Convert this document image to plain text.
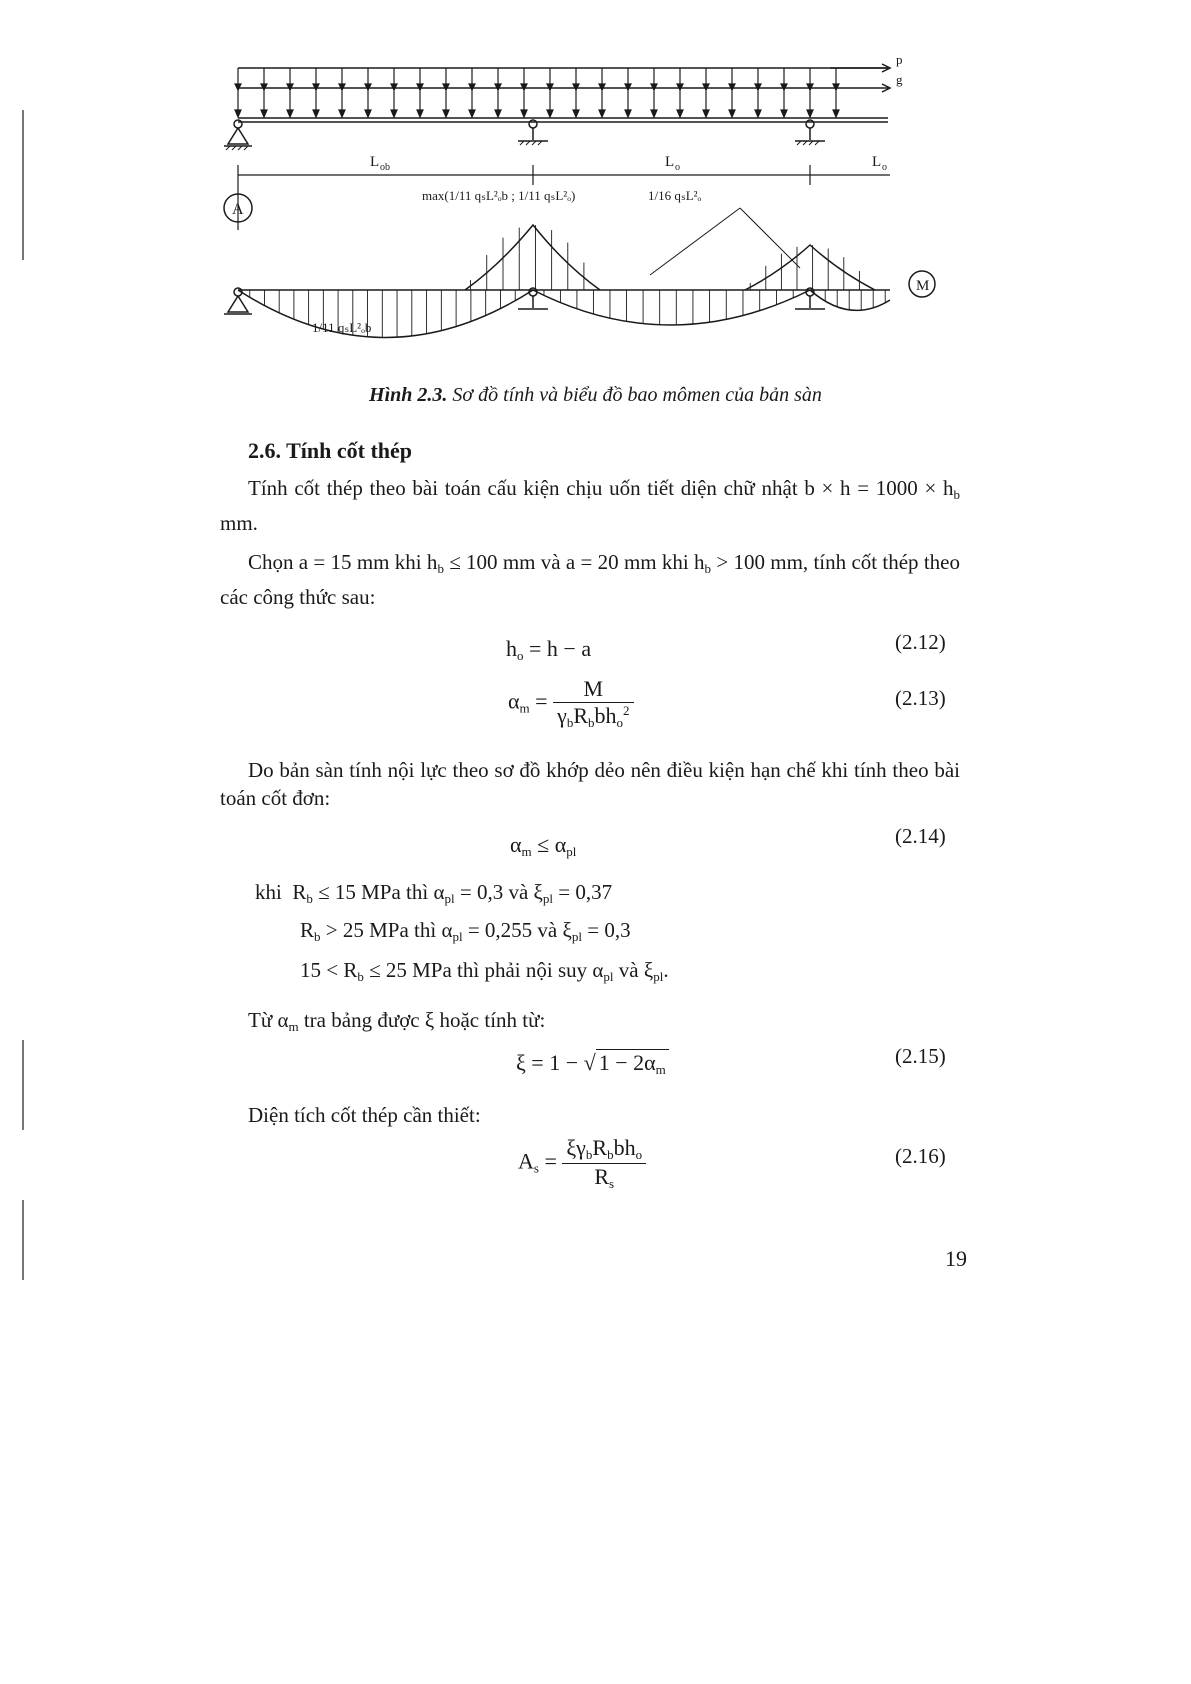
p
g
L ob	L o	L o
A
M
max(1/11 qₛL²ₒb ; 1/11 qₛL²ₒ)	1/16 qₛL²ₒ
1/11 qₛL²ₒb
Hình 2.3. Sơ đồ tính và biểu đồ bao mômen của bản sàn
2.6. Tính cốt thép

Tính cốt thép theo bài toán cấu kiện chịu uốn tiết diện chữ nhật $b \times h = 1000 \times h_b$ mm.

Chọn a = 15 mm khi $h_b \le 100$ mm và a = 20 mm khi $h_b > 100$ mm, tính cốt thép theo các công thức sau:

$h_o = h - a$	(2.12)
$\alpha_m = \frac{M}{\gamma_bR_bbh_o^2}$	(2.13)

Do bản sàn tính nội lực theo sơ đồ khớp dẻo nên điều kiện hạn chế khi tính theo bài toán cốt đơn:

$\alpha_m \le \alpha_{pl}$
(2.14)
khi $R_b \le 15$ MPa thì $\alpha_{pl} = 0,3$ và $\xi_{pl} = 0,37$
$R_b > 25$ MPa thì $\alpha_{pl} = 0,255$ và $\xi_{pl} = 0,3$
$15 < R_b \le 25$ MPa thì phải nội suy $\alpha_{pl}$ và $\xi_{pl}$.

Từ $\alpha_m$ tra bảng được ξ hoặc tính từ:

ξ = 1 − √ $1 - 2\alpha_m$
(2.15)

Diện tích cốt thép cần thiết:

$A_s = \frac{\xi\gamma_bR_bbh_o}{R_s}$	(2.16)
19
